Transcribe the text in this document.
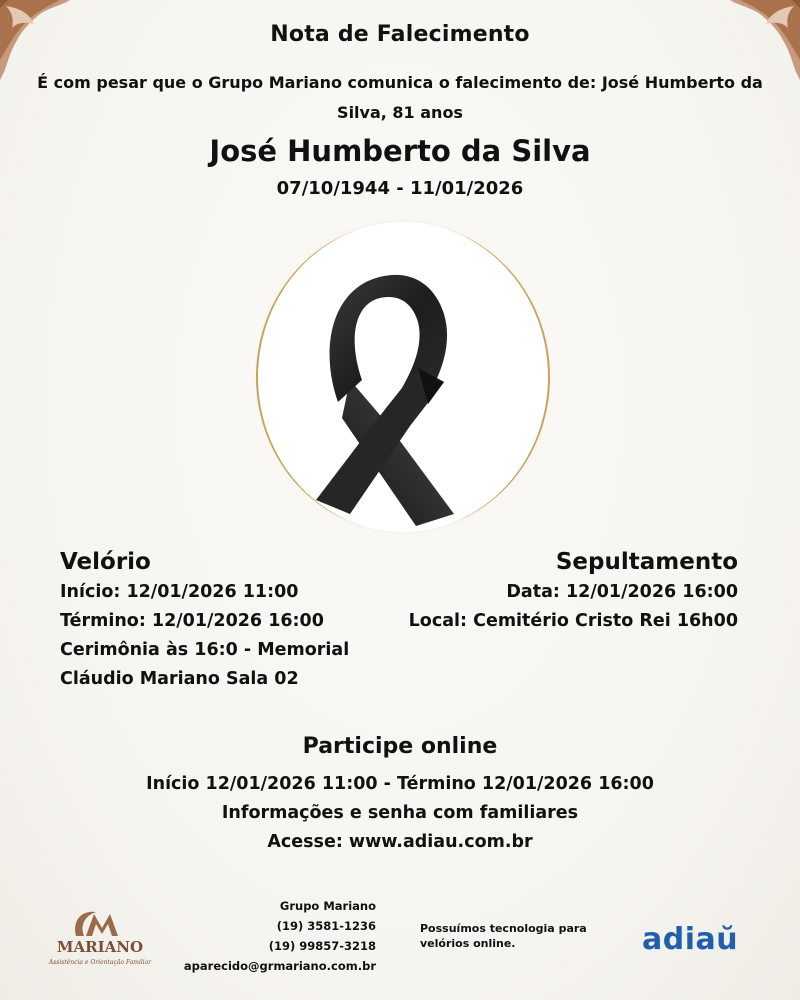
Nota de Falecimento
É com pesar que o Grupo Mariano comunica o falecimento de: José Humberto da Silva, 81 anos
José Humberto da Silva
07/10/1944 - 11/01/2026
Velório
Início: 12/01/2026 11:00
Término: 12/01/2026 16:00
Cerimônia às 16:0 - Memorial
Cláudio Mariano Sala 02
Sepultamento
Data: 12/01/2026 16:00
Local: Cemitério Cristo Rei 16h00
Participe online
Início 12/01/2026 11:00 - Término 12/01/2026 16:00
Informações e senha com familiares
Acesse: www.adiau.com.br
MARIANO
Assistência e Orientação Familiar
Grupo Mariano
(19) 3581-1236
(19) 99857-3218
aparecido@grmariano.com.br
Possuímos tecnologia para velórios online.	adiaŭ
